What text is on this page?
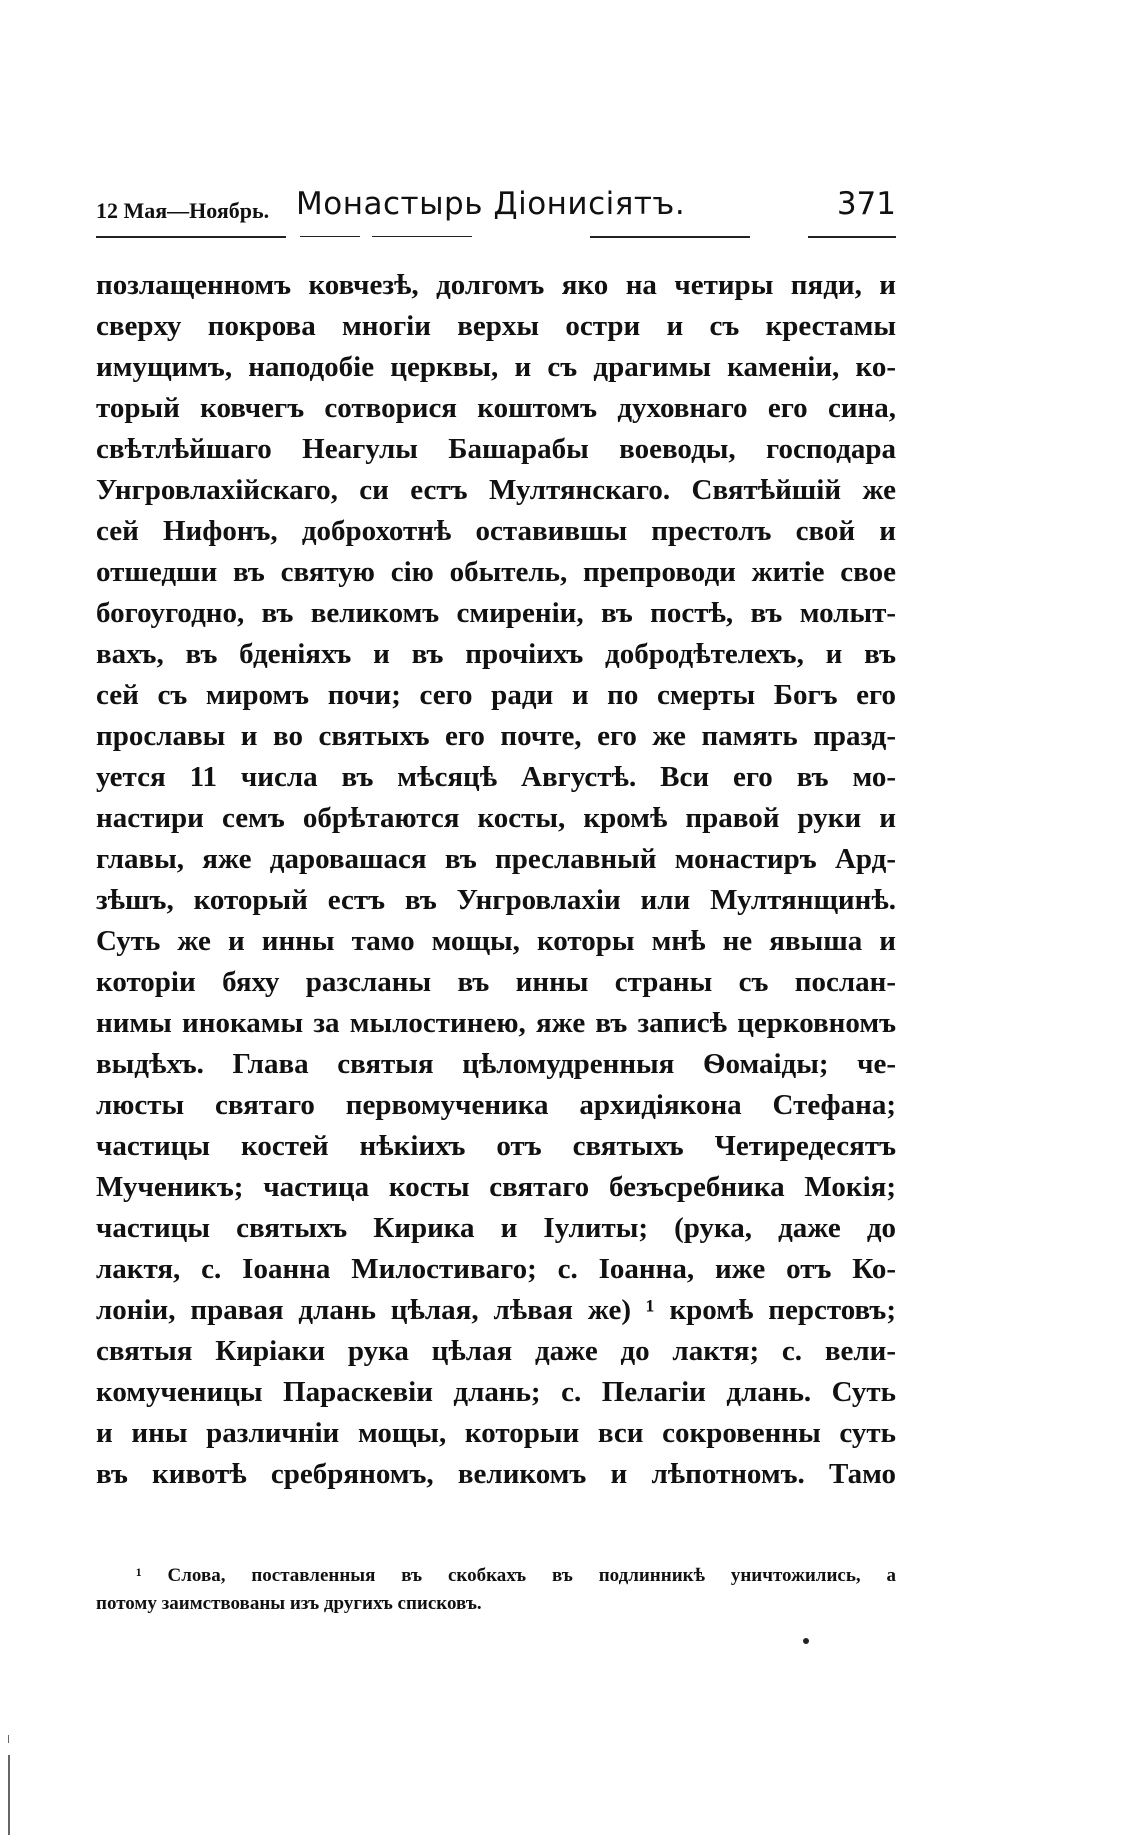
12 Мая—Ноябрь. Монастырь Діонисіятъ.	371
позлащенномъ ковчезѣ, долгомъ яко на четиры пяди, и
сверху покрова многіи верхы остри и съ крестамы
имущимъ, наподобіе церквы, и съ драгимы каменіи, ко-
торый ковчегъ сотворися коштомъ духовнаго его сина,
свѣтлѣйшаго Неагулы Башарабы воеводы, господара
Унгровлахійскаго, си естъ Мултянскаго. Святѣйшій же
сей Нифонъ, доброхотнѣ оставившы престолъ свой и
отшедши въ святую сію обытель, препроводи житіе свое
богоугодно, въ великомъ смиреніи, въ постѣ, въ молыт-
вахъ, въ бденіяхъ и въ прочіихъ добродѣтелехъ, и въ
сей съ миромъ почи; сего ради и по смерты Богъ его
прославы и во святыхъ его почте, его же память празд-
уется 11 числа въ мѣсяцѣ Августѣ. Вси его въ мо-
настири семъ обрѣтаются косты, кромѣ правой руки и
главы, яже даровашася въ преславный монастиръ Ард-
зѣшъ, который естъ въ Унгровлахіи или Мултянщинѣ.
Суть же и инны тамо мощы, которы мнѣ не явыша и
которіи бяху разсланы въ инны страны съ послан-
нимы инокамы за мылостинею, яже въ записѣ церковномъ
выдѣхъ. Глава святыя цѣломудренныя Ѳомаіды; че-
люсты святаго первомученика архидіякона Стефана;
частицы костей нѣкіихъ отъ святыхъ Четиредесятъ
Мученикъ; частица косты святаго безъсребника Мокія;
частицы святыхъ Кирика и Іулиты; (рука, даже до
лактя, с. Іоанна Милостиваго; с. Іоанна, иже отъ Ко-
лоніи, правая длань цѣлая, лѣвая же) ¹ кромѣ перстовъ;
святыя Киріаки рука цѣлая даже до лактя; с. вели-
комученицы Параскевіи длань; с. Пелагіи длань. Суть
и ины различніи мощы, которыи вси сокровенны суть
въ кивотѣ сребряномъ, великомъ и лѣпотномъ. Тамо
¹ Слова, поставленныя въ скобкахъ въ подлинникѣ уничтожились, а
потому заимствованы изъ другихъ списковъ.
